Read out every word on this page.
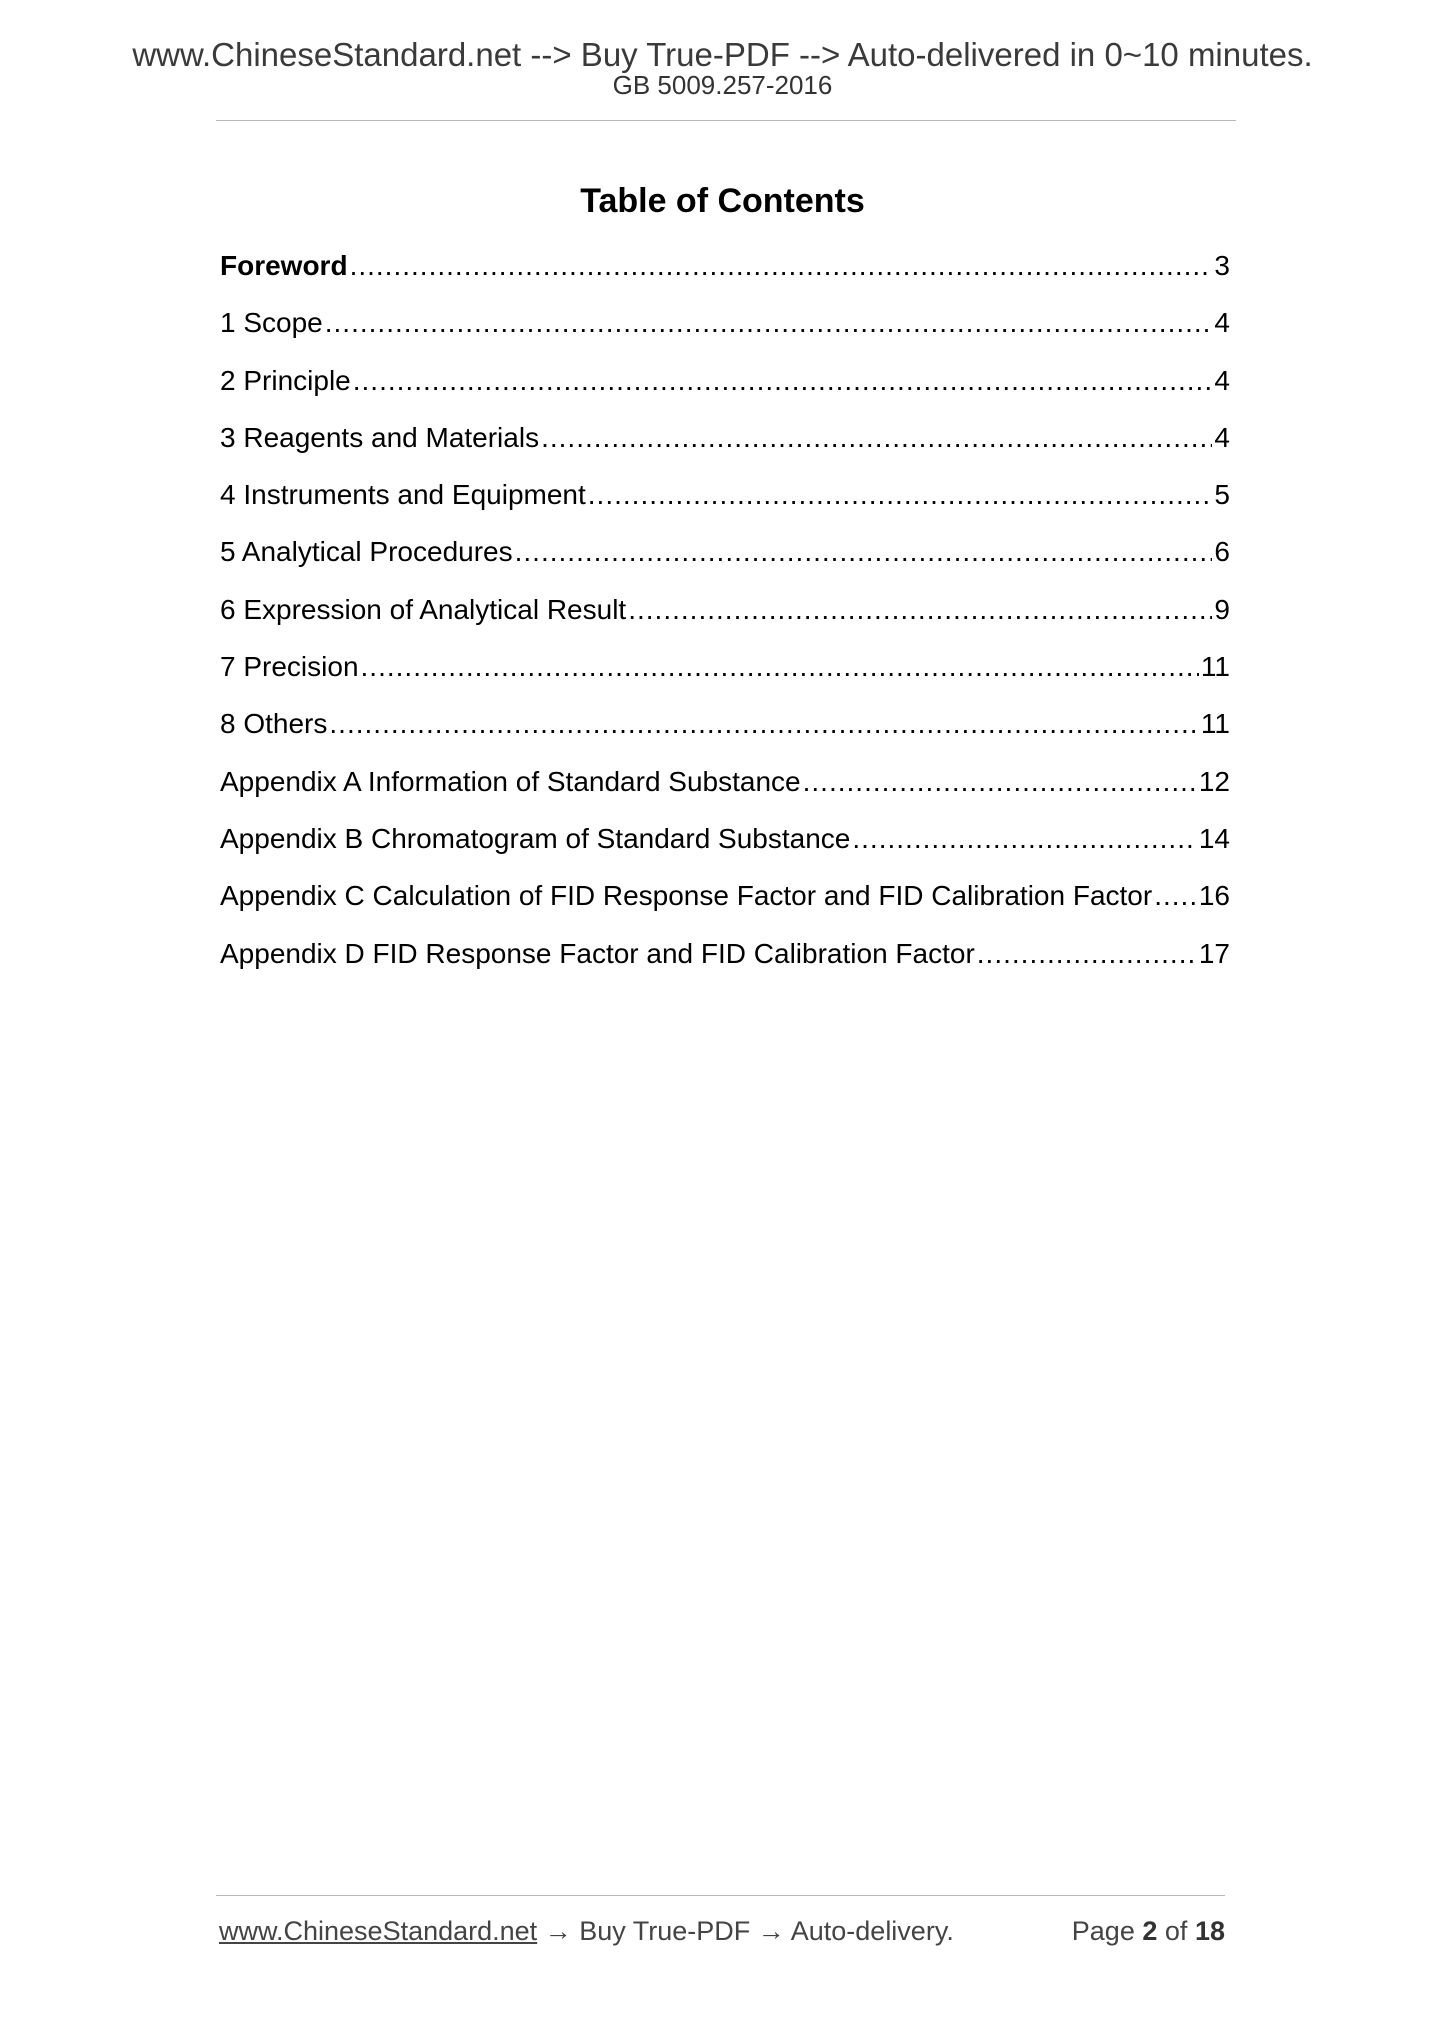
www.ChineseStandard.net --> Buy True-PDF --> Auto-delivered in 0~10 minutes.
GB 5009.257-2016
Table of Contents
Foreword .....	3
1 Scope .....	4
2 Principle .....	4
3 Reagents and Materials .....	4
4 Instruments and Equipment .....	5
5 Analytical Procedures .....	6
6 Expression of Analytical Result .....	9
7 Precision .....	11
8 Others .....	11
Appendix A Information of Standard Substance .....	12
Appendix B Chromatogram of Standard Substance .....	14
Appendix C Calculation of FID Response Factor and FID Calibration Factor ..... 16
Appendix D FID Response Factor and FID Calibration Factor .....	17
www.ChineseStandard.net → Buy True-PDF → Auto-delivery.	Page 2 of 18
